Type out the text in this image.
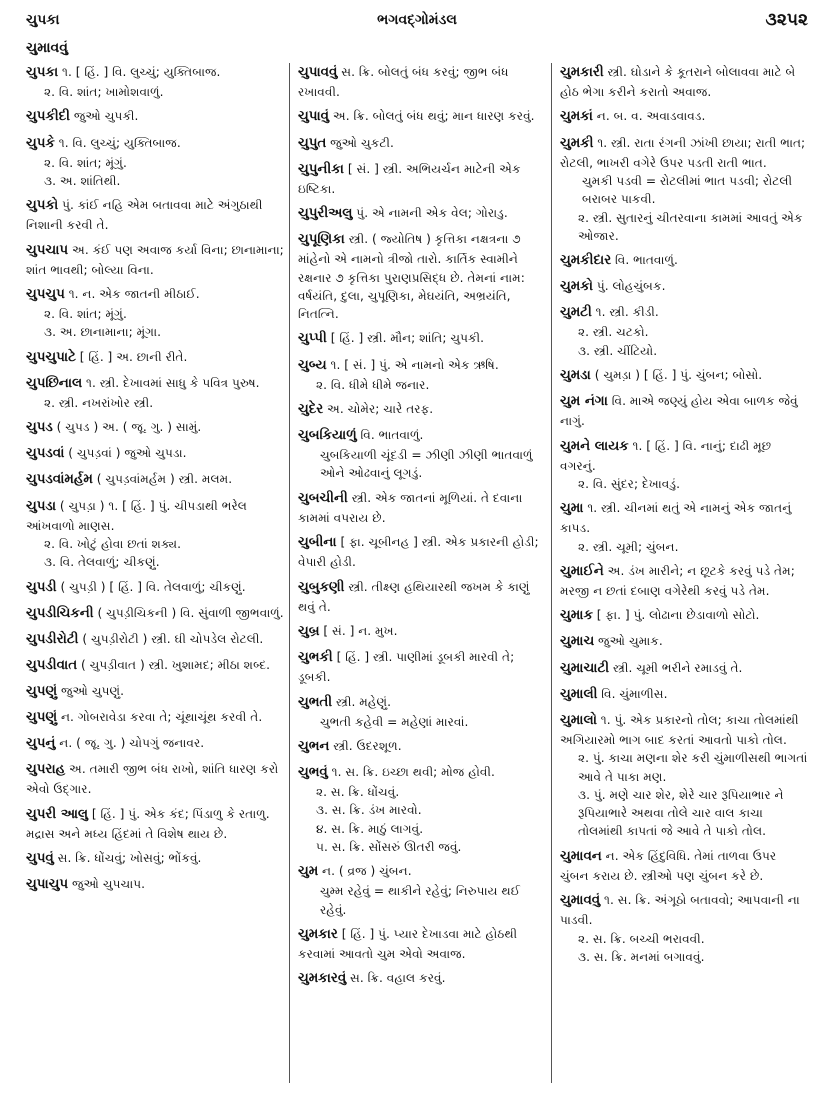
ચુપકા	ભગવદ્ગોમંડલ	૩૨૫૨
ચુમાવવું
ચુપકા ૧. [ હિં. ] વિ. લુચ્ચું; યુક્તિબાજ.
૨. વિ. શાંત; ખામોશવાળું.
ચુપકીદી જુઓ ચુપકી.
ચુપકે ૧. વિ. લુચ્ચું; યુક્તિબાજ.
૨. વિ. શાંત; મૂંગું.
૩. અ. શાંતિથી.
ચુપકો પું. કાંઈ નહિ એમ બતાવવા માટે અંગુઠાથી નિશાની કરવી તે.
ચુપચાપ અ. કંઈ પણ અવાજ કર્યા વિના; છાનામાના; શાંત ભાવથી; બોલ્યા વિના.
ચુપચુપ ૧. ન. એક જાતની મીઠાઈ.
૨. વિ. શાંત; મૂંગું.
૩. અ. છાનામાના; મૂંગા.
ચુપચુપાટે [ હિં. ] અ. છાની રીતે.
ચુપછિનાલ ૧. સ્ત્રી. દેખાવમાં સાધુ કે પવિત્ર પુરુષ.
૨. સ્ત્રી. નખરાંખોર સ્ત્રી.
ચુપડ ( ચુપડ ) અ. ( જૂ. ગુ. ) સામું.
ચુપડવાં ( ચુપડ઼વાં ) જુઓ ચુપડા.
ચુપડવાંમર્હમ ( ચુપડ઼વાંમર્હમ ) સ્ત્રી. મલમ.
ચુપડા ( ચુપડ઼ા ) ૧. [ હિં. ] પું. ચીપડાથી ભરેલ આંખવાળો માણસ.
૨. વિ. ખોટું હોવા છતાં શક્ય.
૩. વિ. તેલવાળું; ચીકણું.
ચુપડી ( ચુપડ઼ી ) [ હિં. ] વિ. તેલવાળું; ચીકણું.
ચુપડીચિકની ( ચુપડ઼ીચિકની ) વિ. સુંવાળી જીભવાળું.
ચુપડીરોટી ( ચુપડ઼ીરોટી ) સ્ત્રી. ઘી ચોપડેલ રોટલી.
ચુપડીવાત ( ચુપડ઼ીવાત ) સ્ત્રી. ખુશામદ; મીઠા શબ્દ.
ચુપણું જુઓ ચુપણું.
ચુપણું ન. ગોબરાવેડા કરવા તે; ચૂંથાચૂંથ કરવી તે.
ચુપનું ન. ( જૂ. ગુ. ) ચોપગું જનાવર.
ચુપરાહ અ. તમારી જીભ બંધ રાખો, શાંતિ ધારણ કરો એવો ઉદ્ગાર.
ચુપરી આલુ [ હિં. ] પું. એક કંદ; પિંડાળુ કે રતાળુ. મદ્રાસ અને મધ્ય હિંદમાં તે વિશેષ થાય છે.
ચુપવું સ. ક્રિ. ધોંચવું; ખોસવું; ભોંકવું.
ચુપાચુપ જુઓ ચુપચાપ.
ચુપાવવું સ. ક્રિ. બોલતું બંધ કરવું; જીભ બંધ રખાવવી.
ચુપાવું અ. ક્રિ. બોલતું બંધ થવું; માન ધારણ કરવું.
ચુપુત જુઓ ચુકટી.
ચુપુનીકા [ સં. ] સ્ત્રી. અભિયર્ચન માટેની એક ઇષ્ટિકા.
ચુપુરીઅલુ પું. એ નામની એક વેલ; ગોરાડુ.
ચુપૂણિકા સ્ત્રી. ( જ્યોતિષ ) કૃત્તિકા નક્ષત્રના ૭ માંહેનો એ નામનો ત્રીજો તારો. કાર્તિક સ્વામીને રક્ષનાર ૭ કૃત્તિકા પુરાણપ્રસિદ્ધ છે. તેમનાં નામ: વર્ષયંતિ, દુલા, ચુપૂણિકા, મેઘયંતિ, અભ્રયંતિ, નિતત્નિ.
ચુપ્પી [ હિં. ] સ્ત્રી. મૌન; શાંતિ; ચુપકી.
ચુબ્ય ૧. [ સં. ] પું. એ નામનો એક ઋષિ.
૨. વિ. ધીમે ધીમે જનાર.
ચુદેર અ. ચોમેર; ચારે તરફ.
ચુબકિયાળું વિ. ભાતવાળું.
ચુબકિયાળી ચૂંદડી = ઝીણી ઝીણી ભાતવાળું ઓને ઓઢવાનું લૂગડું.
ચુબચીની સ્ત્રી. એક જાતનાં મૂળિયાં. તે દવાના કામમાં વપરાય છે.
ચુબીના [ ફા. ચૂબીનહ ] સ્ત્રી. એક પ્રકારની હોડી; વેપારી હોડી.
ચુબુકણી સ્ત્રી. તીક્ષ્ણ હથિયારથી જખમ કે કાણું થવું તે.
ચુબ્ર [ સં. ] ન. મુખ.
ચુભકી [ હિં. ] સ્ત્રી. પાણીમાં ડૂબકી મારવી તે; ડૂબકી.
ચુભતી સ્ત્રી. મહેણું.
ચુભતી કહેવી = મહેણાં મારવાં.
ચુભન સ્ત્રી. ઉદરશૂળ.
ચુભવું ૧. સ. ક્રિ. ઇચ્છા થવી; મોજ હોવી.
૨. સ. ક્રિ. ધોંચવું.
૩. સ. ક્રિ. ડંખ મારવો.
૪. સ. ક્રિ. માઠું લાગવું.
૫. સ. ક્રિ. સોંસરું ઊતરી જવું.
ચુમ ન. ( વ્રજ ) ચુંબન.
ચુમ્મ રહેવું = થાકીને રહેવું; નિરુપાય થઈ રહેવું.
ચુમકાર [ હિં. ] પું. પ્યાર દેખાડવા માટે હોઠથી કરવામાં આવતો ચુમ એવો અવાજ.
ચુમકારવું સ. ક્રિ. વહાલ કરવું.
ચુમકારી સ્ત્રી. ઘોડાને કે કૂતરાને બોલાવવા માટે બે હોઠ ભેગા કરીને કરાતો અવાજ.
ચુમકાં ન. બ. વ. અવાડવાવડ.
ચુમકી ૧. સ્ત્રી. રાતા રંગની ઝાંખી છાયા; રાતી ભાત; રોટલી, ભાખરી વગેરે ઉપર પડતી રાતી ભાત.
ચુમકી પડવી = રોટલીમાં ભાત પડવી; રોટલી બરાબર પાકવી.
૨. સ્ત્રી. સુતારનું ચીતરવાના કામમાં આવતું એક ઓજાર.
ચુમકીદાર વિ. ભાતવાળું.
ચુમકો પું. લોહચુંબક.
ચુમટી ૧. સ્ત્રી. કીડી.
૨. સ્ત્રી. ચટકો.
૩. સ્ત્રી. ચીંટિયો.
ચુમડા ( ચુમડ઼ા ) [ હિં. ] પું. ચુંબન; બોસો.
ચુમ નંગા વિ. માએ જણ્યું હોય એવા બાળક જેવું નાગું.
ચુમને લાયક ૧. [ હિં. ] વિ. નાનું; દાઢી મૂછ વગરનું.
૨. વિ. સુંદર; દેખાવડું.
ચુમા ૧. સ્ત્રી. ચીનમાં થતું એ નામનું એક જાતનું કાપડ.
૨. સ્ત્રી. ચૂમી; ચુંબન.
ચુમાઈને અ. ડંખ મારીને; ન છૂટકે કરવું પડે તેમ; મરજી ન છતાં દબાણ વગેરેથી કરવું પડે તેમ.
ચુમાક [ ફા. ] પું. લોઢાના છેડાવાળો સોટો.
ચુમાચ જુઓ ચુમાક.
ચુમાચાટી સ્ત્રી. ચૂમી ભરીને રમાડવું તે.
ચુમાલી વિ. ચુંમાળીસ.
ચુમાલો ૧. પું. એક પ્રકારનો તોલ; કાચા તોલમાંથી અગિયારમો ભાગ બાદ કરતાં આવતો પાકો તોલ.
૨. પું. કાચા મણના શેર કરી ચુંમાળીસથી ભાગતાં આવે તે પાકા મણ.
૩. પું. મણે ચાર શેર, શેરે ચાર રૂપિયાભાર ને રૂપિયાભારે અથવા તોલે ચાર વાલ કાચા તોલમાંથી કાપતાં જે આવે તે પાકો તોલ.
ચુમાવન ન. એક હિંદુવિધિ. તેમાં તાળવા ઉપર ચુંબન કરાય છે. સ્ત્રીઓ પણ ચુંબન કરે છે.
ચુમાવવું ૧. સ. ક્રિ. અંગૂઠો બતાવવો; આપવાની ના પાડવી.
૨. સ. ક્રિ. બચ્ચી ભરાવવી.
૩. સ. ક્રિ. મનમાં બગાવવું.
